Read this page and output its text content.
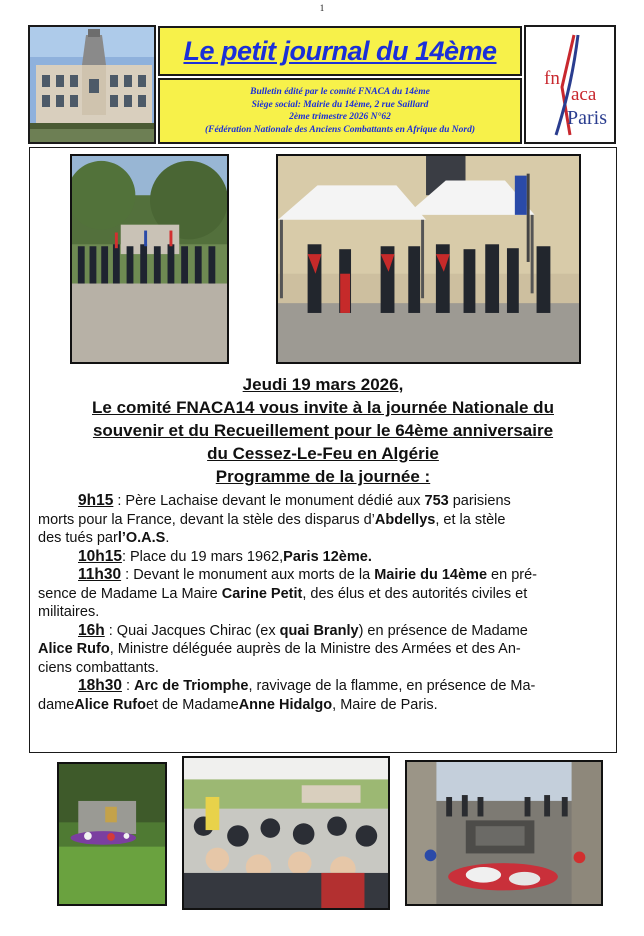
1
Le petit journal du 14ème
Bulletin édité par le comité FNACA du 14ème
Siège social: Mairie du 14ème, 2 rue Saillard
2ème trimestre 2026 N°62
(Fédération Nationale des Anciens Combattants en Afrique du Nord)
fn
aca
Paris
Jeudi 19 mars 2026,
Le comité FNACA14 vous invite à la journée Nationale du
souvenir et du Recueillement pour le 64ème anniversaire
du Cessez-Le-Feu en Algérie
Programme de la journée :
9h15 : Père Lachaise devant le monument dédié aux 753 parisiens
morts pour la France, devant la stèle des disparus d’Abdellys, et la stèle
des tués par l’O.A.S .
10h15 : Place du 19 mars 1962, Paris 12ème.
11h30 : Devant le monument aux morts de la Mairie du 14ème en pré-
sence de Madame La Maire Carine Petit, des élus et des autorités civiles et
militaires.
16h : Quai Jacques Chirac (ex quai Branly) en présence de Madame
Alice Rufo, Ministre déléguée auprès de la Ministre des Armées et des An-
ciens combattants.
18h30 : Arc de Triomphe, ravivage de la flamme, en présence de Ma-
dame Alice Rufo et de Madame Anne Hidalgo , Maire de Paris.
